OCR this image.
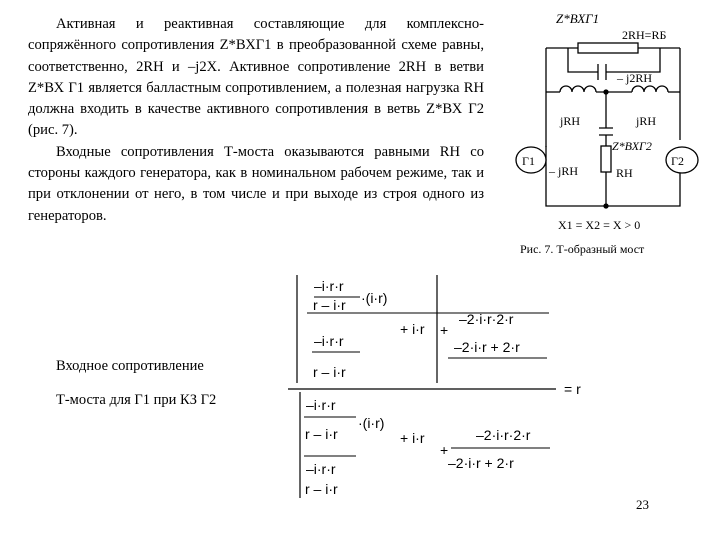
Активная и реактивная составляющие для комплексно-сопряжённого сопротивления Z*ВХГ1 в преобразованной схеме равны, соответственно, 2RН и –j2X. Активное сопротивление 2RН в ветви Z*ВХ Г1 является балластным сопротивлением, а полезная нагрузка RН должна входить в качестве активного сопротивления в ветвь Z*ВХ Г2 (рис. 7).

Входные сопротивления Т-моста оказываются равными RН со стороны каждого генератора, как в номинальном рабочем режиме, так и при отклонении от него, в том числе и при выходе из строя одного из генераторов.

Z*ВХГ1
2RН=RБ
– j2RН
jRН	jRН
Z*ВХГ2
– jRН	RН
Г1	Г2
X1 = X2 = X > 0
Рис. 7. Т-образный мост
–i·r·r
r – i·r ·(i·r)
+ i·r
–2·i·r·2·r
+
–2·i·r + 2·r
–i·r·r
r – i·r
= r
–i·r·r
r – i·r
·(i·r)
+ i·r
+
–2·i·r·2·r
–2·i·r + 2·r
–i·r·r
r – i·r
Входное сопротивление
Т-моста для Г1 при КЗ Г2
23
